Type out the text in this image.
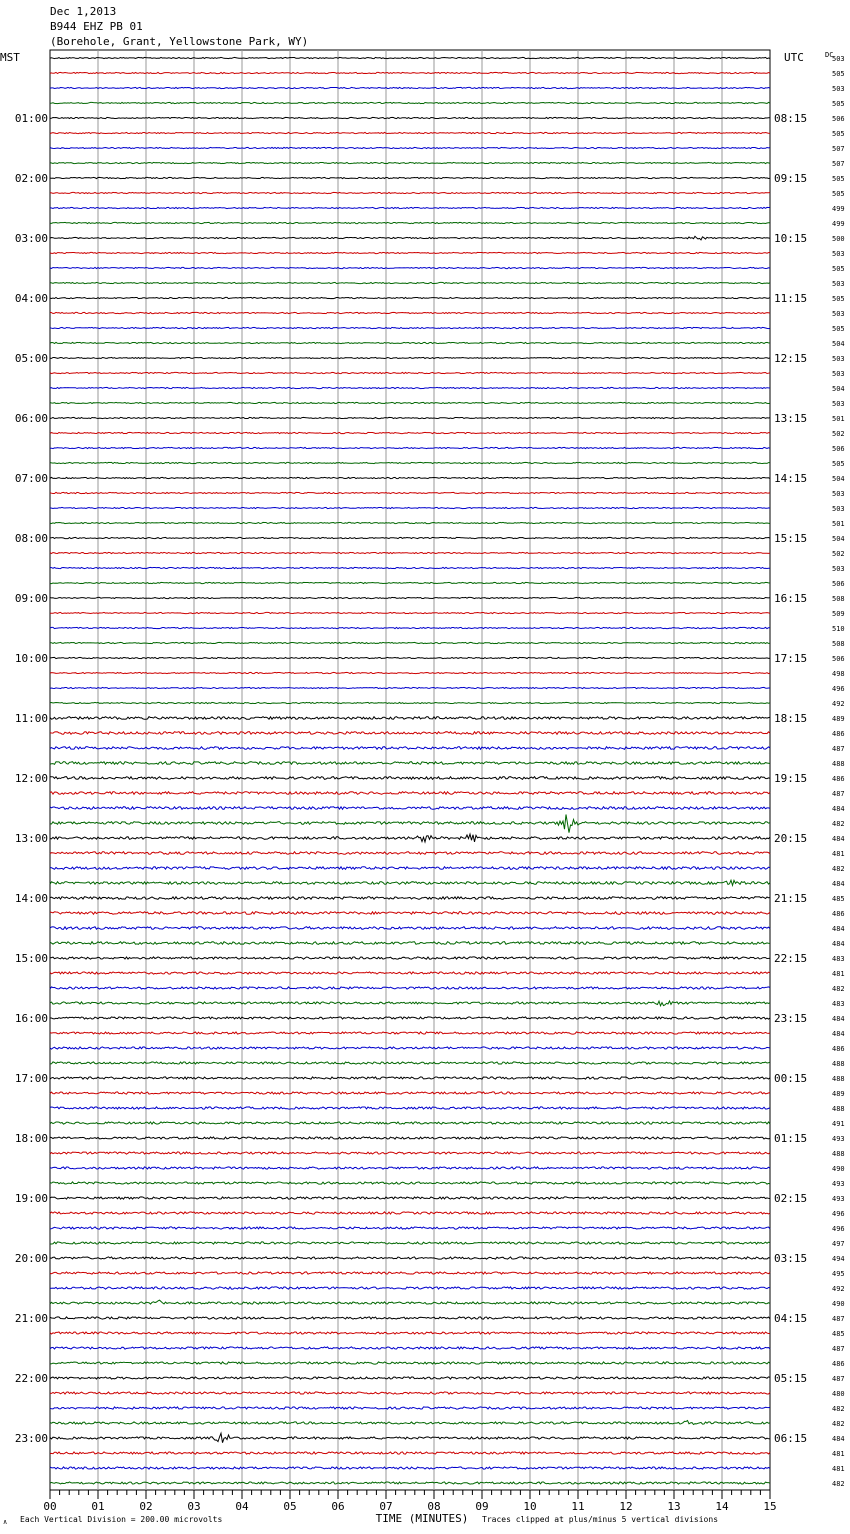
Dec 1,2013
B944 EHZ PB 01
(Borehole, Grant, Yellowstone Park, WY)
00	01	02	03	04	05	06	07	08	09	10	11	12	13	14	15
MST	UTC	DC
TIME (MINUTES)
01:00
02:00
03:00
04:00
05:00
06:00
07:00
08:00
09:00
10:00
11:00
12:00
13:00
14:00
15:00
16:00
17:00
18:00
19:00
20:00
21:00
22:00
23:00
08:15
09:15
10:15
11:15
12:15
13:15
14:15
15:15
16:15
17:15
18:15
19:15
20:15
21:15
22:15
23:15
00:15
01:15
02:15
03:15
04:15
05:15
06:15
503
505
503
505
506
505
507
507
505
505
499
499
500
503
505
503
505
503
505
504
503
503
504
503
501
502
506
505
504
503
503
501
504
502
503
506
508
509
510
508
506
498
496
492
489
486
487
488
486
487
484
482
484
481
482
484
485
486
484
484
483
481
482
483
484
484
486
488
488
489
488
491
493
488
490
493
493
496
496
497
494
495
492
490
487
485
487
486
487
480
482
482
484
481
481
482
∧ Each Vertical Division = 200.00 microvolts	Traces clipped at plus/minus 5 vertical divisions
